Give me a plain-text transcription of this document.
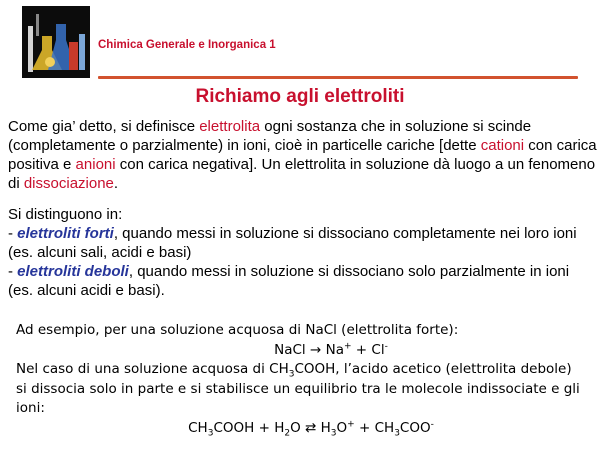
Chimica Generale e Inorganica 1
Richiamo agli elettroliti
Come gia’ detto, si definisce elettrolita ogni sostanza che in soluzione si scinde (completamente o parzialmente) in ioni, cioè in particelle cariche [dette cationi con carica positiva e anioni con carica negativa]. Un elettrolita in soluzione dà luogo a un fenomeno di dissociazione.
Si distinguono in:
- elettroliti forti, quando messi in soluzione si dissociano completamente nei loro ioni (es. alcuni sali, acidi e basi)
- elettroliti deboli, quando messi in soluzione si dissociano solo parzialmente in ioni (es. alcuni acidi e basi).
Ad esempio, per una soluzione acquosa di NaCl (elettrolita forte):
NaCl → Na+ + Cl-
Nel caso di una soluzione acquosa di $CH_3COOH$, l’acido acetico (elettrolita debole) si dissocia solo in parte e si stabilisce un equilibrio tra le molecole indissociate e gli ioni:
$CH_3COOH + H_2O$ ⇄ $H_3O^+ + CH_3COO^-$
